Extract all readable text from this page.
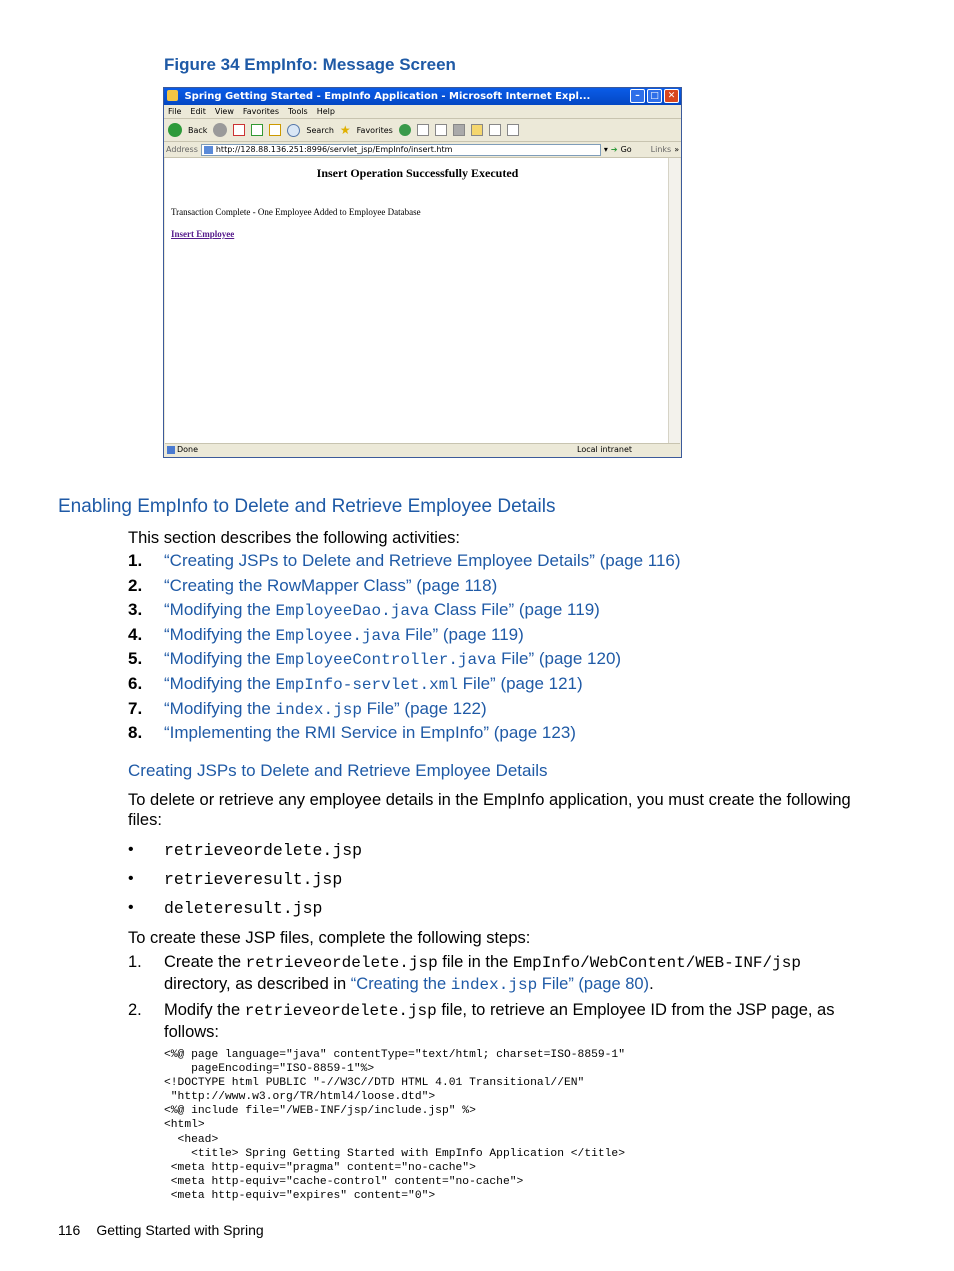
Figure 34 EmpInfo: Message Screen
Spring Getting Started - EmpInfo Application - Microsoft Internet Expl...	–	□ ✕
File Edit View Favorites Tools Help
Back	Search ★ Favorites
Address	http://128.88.136.251:8996/servlet_jsp/EmpInfo/insert.htm	▾ ➔ Go Links »
Insert Operation Successfully Executed
Transaction Complete - One Employee Added to Employee Database
Insert Employee
Done	Local intranet
Enabling EmpInfo to Delete and Retrieve Employee Details
This section describes the following activities:
1. “Creating JSPs to Delete and Retrieve Employee Details” (page 116)
2. “Creating the RowMapper Class” (page 118)
3. “Modifying the EmployeeDao.java Class File” (page 119)
4. “Modifying the Employee.java File” (page 119)
5. “Modifying the EmployeeController.java File” (page 120)
6. “Modifying the EmpInfo-servlet.xml File” (page 121)
7. “Modifying the index.jsp File” (page 122)
8. “Implementing the RMI Service in EmpInfo” (page 123)
Creating JSPs to Delete and Retrieve Employee Details
To delete or retrieve any employee details in the EmpInfo application, you must create the following files:
• retrieveordelete.jsp
• retrieveresult.jsp
• deleteresult.jsp
To create these JSP files, complete the following steps:
1. Create the retrieveordelete.jsp file in the EmpInfo/WebContent/WEB-INF/jsp directory, as described in “Creating the index.jsp File” (page 80).
2. Modify the retrieveordelete.jsp file, to retrieve an Employee ID from the JSP page, as follows:
<%@ page language="java" contentType="text/html; charset=ISO-8859-1"
pageEncoding="ISO-8859-1"%>
<!DOCTYPE html PUBLIC "-//W3C//DTD HTML 4.01 Transitional//EN"
"http://www.w3.org/TR/html4/loose.dtd">
<%@ include file="/WEB-INF/jsp/include.jsp" %>
<html>
<head>
<title> Spring Getting Started with EmpInfo Application </title>
<meta http-equiv="pragma" content="no-cache">
<meta http-equiv="cache-control" content="no-cache">
<meta http-equiv="expires" content="0">
116 Getting Started with Spring
